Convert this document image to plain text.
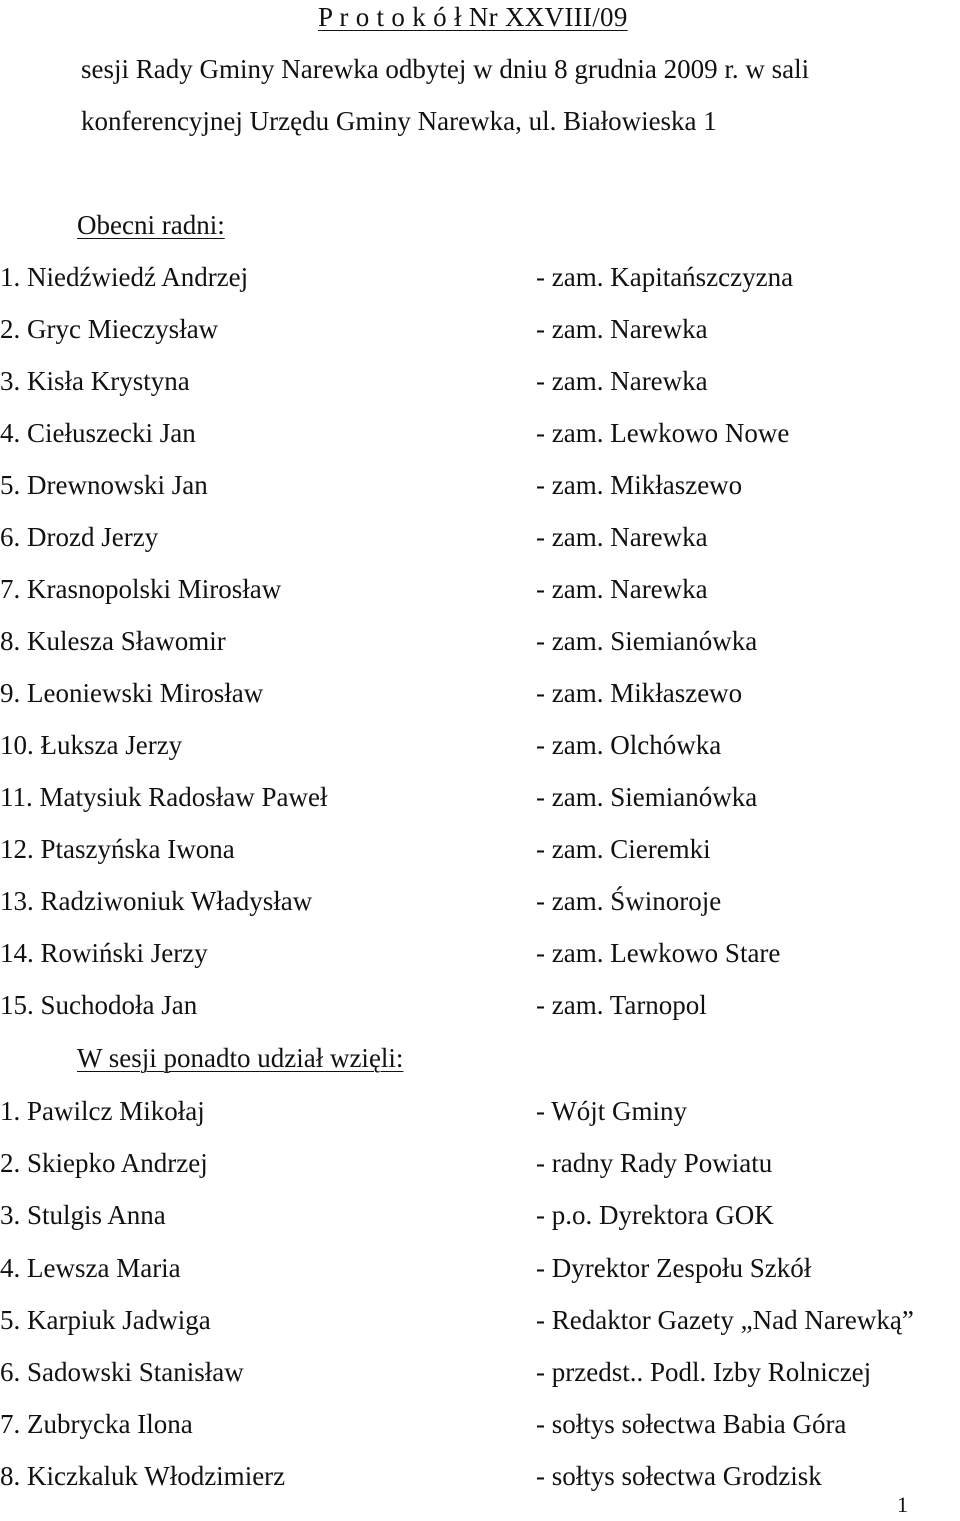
P r o t o k ó ł Nr XXVIII/09
sesji Rady Gminy Narewka odbytej w dniu 8 grudnia 2009 r. w sali
konferencyjnej Urzędu Gminy Narewka, ul. Białowieska 1
Obecni radni:
1. Niedźwiedź Andrzej	- zam. Kapitańszczyzna
2. Gryc Mieczysław	- zam. Narewka
3. Kisła Krystyna	- zam. Narewka
4. Ciełuszecki Jan	- zam. Lewkowo Nowe
5. Drewnowski Jan	- zam. Mikłaszewo
6. Drozd Jerzy	- zam. Narewka
7. Krasnopolski Mirosław	- zam. Narewka
8. Kulesza Sławomir	- zam. Siemianówka
9. Leoniewski Mirosław	- zam. Mikłaszewo
10. Łuksza Jerzy	- zam. Olchówka
11. Matysiuk Radosław Paweł	- zam. Siemianówka
12. Ptaszyńska Iwona	- zam. Cieremki
13. Radziwoniuk Władysław	- zam. Świnoroje
14. Rowiński Jerzy	- zam. Lewkowo Stare
15. Suchodoła Jan	- zam. Tarnopol
W sesji ponadto udział wzięli:
1. Pawilcz Mikołaj	- Wójt Gminy
2. Skiepko Andrzej	- radny Rady Powiatu
3. Stulgis Anna	- p.o. Dyrektora GOK
4. Lewsza Maria	- Dyrektor Zespołu Szkół
5. Karpiuk Jadwiga	- Redaktor Gazety „Nad Narewką”
6. Sadowski Stanisław	- przedst.. Podl. Izby Rolniczej
7. Zubrycka Ilona	- sołtys sołectwa Babia Góra
8. Kiczkaluk Włodzimierz	- sołtys sołectwa Grodzisk
1
